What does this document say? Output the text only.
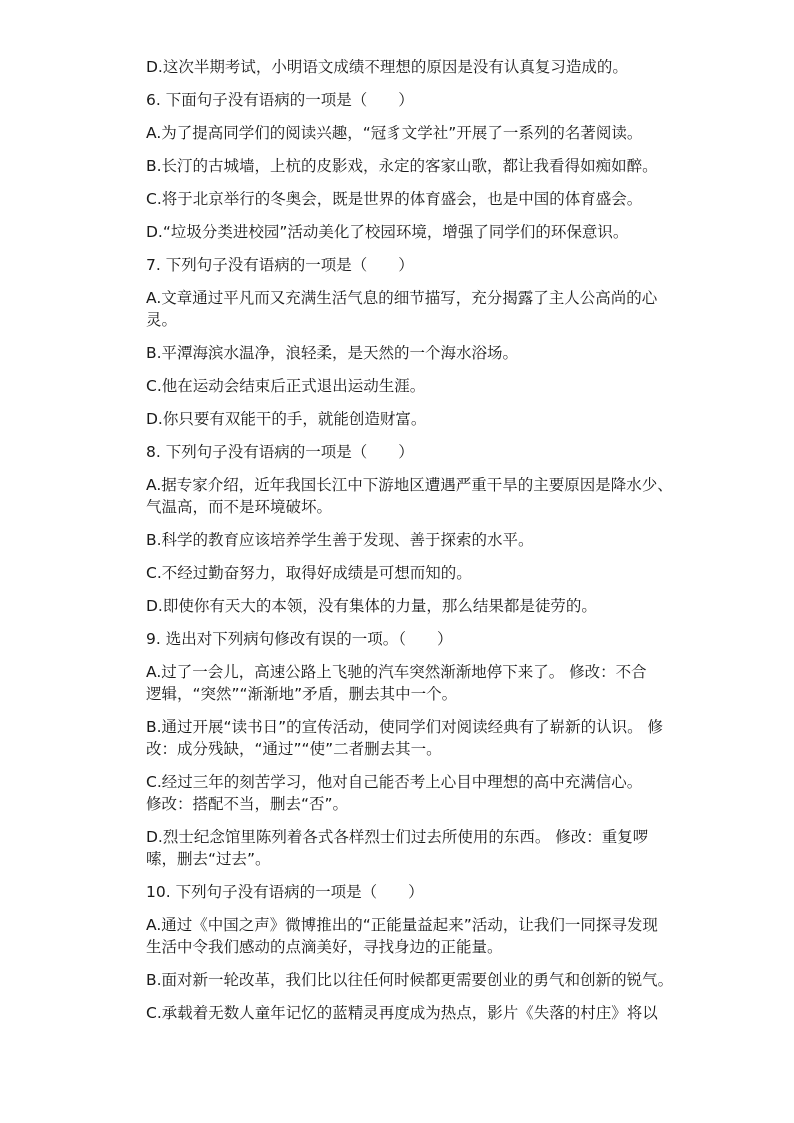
D.这次半期考试，小明语文成绩不理想的原因是没有认真复习造成的。

6. 下面句子没有语病的一项是（　　）

A.为了提高同学们的阅读兴趣，“冠豸文学社”开展了一系列的名著阅读。

B.长汀的古城墙，上杭的皮影戏，永定的客家山歌，都让我看得如痴如醉。

C.将于北京举行的冬奥会，既是世界的体育盛会，也是中国的体育盛会。

D.“垃圾分类进校园”活动美化了校园环境，增强了同学们的环保意识。

7. 下列句子没有语病的一项是（　　）

A.文章通过平凡而又充满生活气息的细节描写，充分揭露了主人公高尚的心

灵。

B.平潭海滨水温净，浪轻柔，是天然的一个海水浴场。

C.他在运动会结束后正式退出运动生涯。

D.你只要有双能干的手，就能创造财富。

8. 下列句子没有语病的一项是（　　）

A.据专家介绍，近年我国长江中下游地区遭遇严重干旱的主要原因是降水少、

气温高，而不是环境破坏。

B.科学的教育应该培养学生善于发现、善于探索的水平。

C.不经过勤奋努力，取得好成绩是可想而知的。

D.即使你有天大的本领，没有集体的力量，那么结果都是徒劳的。

9. 选出对下列病句修改有误的一项。（　　）

A.过了一会儿，高速公路上飞驰的汽车突然渐渐地停下来了。 修改：不合

逻辑，“突然”“渐渐地”矛盾，删去其中一个。

B.通过开展“读书日”的宣传活动，使同学们对阅读经典有了崭新的认识。 修

改：成分残缺，“通过”“使”二者删去其一。

C.经过三年的刻苦学习，他对自己能否考上心目中理想的高中充满信心。

修改：搭配不当，删去“否”。

D.烈士纪念馆里陈列着各式各样烈士们过去所使用的东西。 修改：重复啰

嗦，删去“过去”。

10. 下列句子没有语病的一项是（　　）

A.通过《中国之声》微博推出的“正能量益起来”活动，让我们一同探寻发现

生活中令我们感动的点滴美好，寻找身边的正能量。

B.面对新一轮改革，我们比以往任何时候都更需要创业的勇气和创新的锐气。

C.承载着无数人童年记忆的蓝精灵再度成为热点，影片《失落的村庄》将以
